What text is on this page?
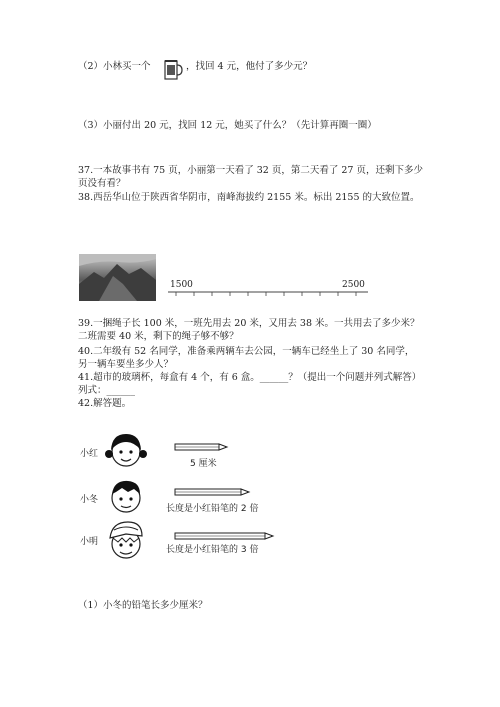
（2）小林买一个	，找回 4 元，他付了多少元？
（3）小丽付出 20 元，找回 12 元，她买了什么？（先计算再圈一圈）
37.一本故事书有 75 页，小丽第一天看了 32 页，第二天看了 27 页，还剩下多少页没有看？
38.西岳华山位于陕西省华阴市，南峰海拔约 2155 米。标出 2155 的大致位置。
1500	2500
39.一捆绳子长 100 米，一班先用去 20 米，又用去 38 米。一共用去了多少米？二班需要 40 米，剩下的绳子够不够？
40.二年级有 52 名同学，准备乘两辆车去公园，一辆车已经坐上了 30 名同学，另一辆车要坐多少人？
41.超市的玻璃杯，每盒有 4 个，有 6 盒。______？（提出一个问题并列式解答）列式：______
42.解答题。
小红
5 厘米
小冬
长度是小红铅笔的 2 倍
小明
长度是小红铅笔的 3 倍
（1）小冬的铅笔长多少厘米？
